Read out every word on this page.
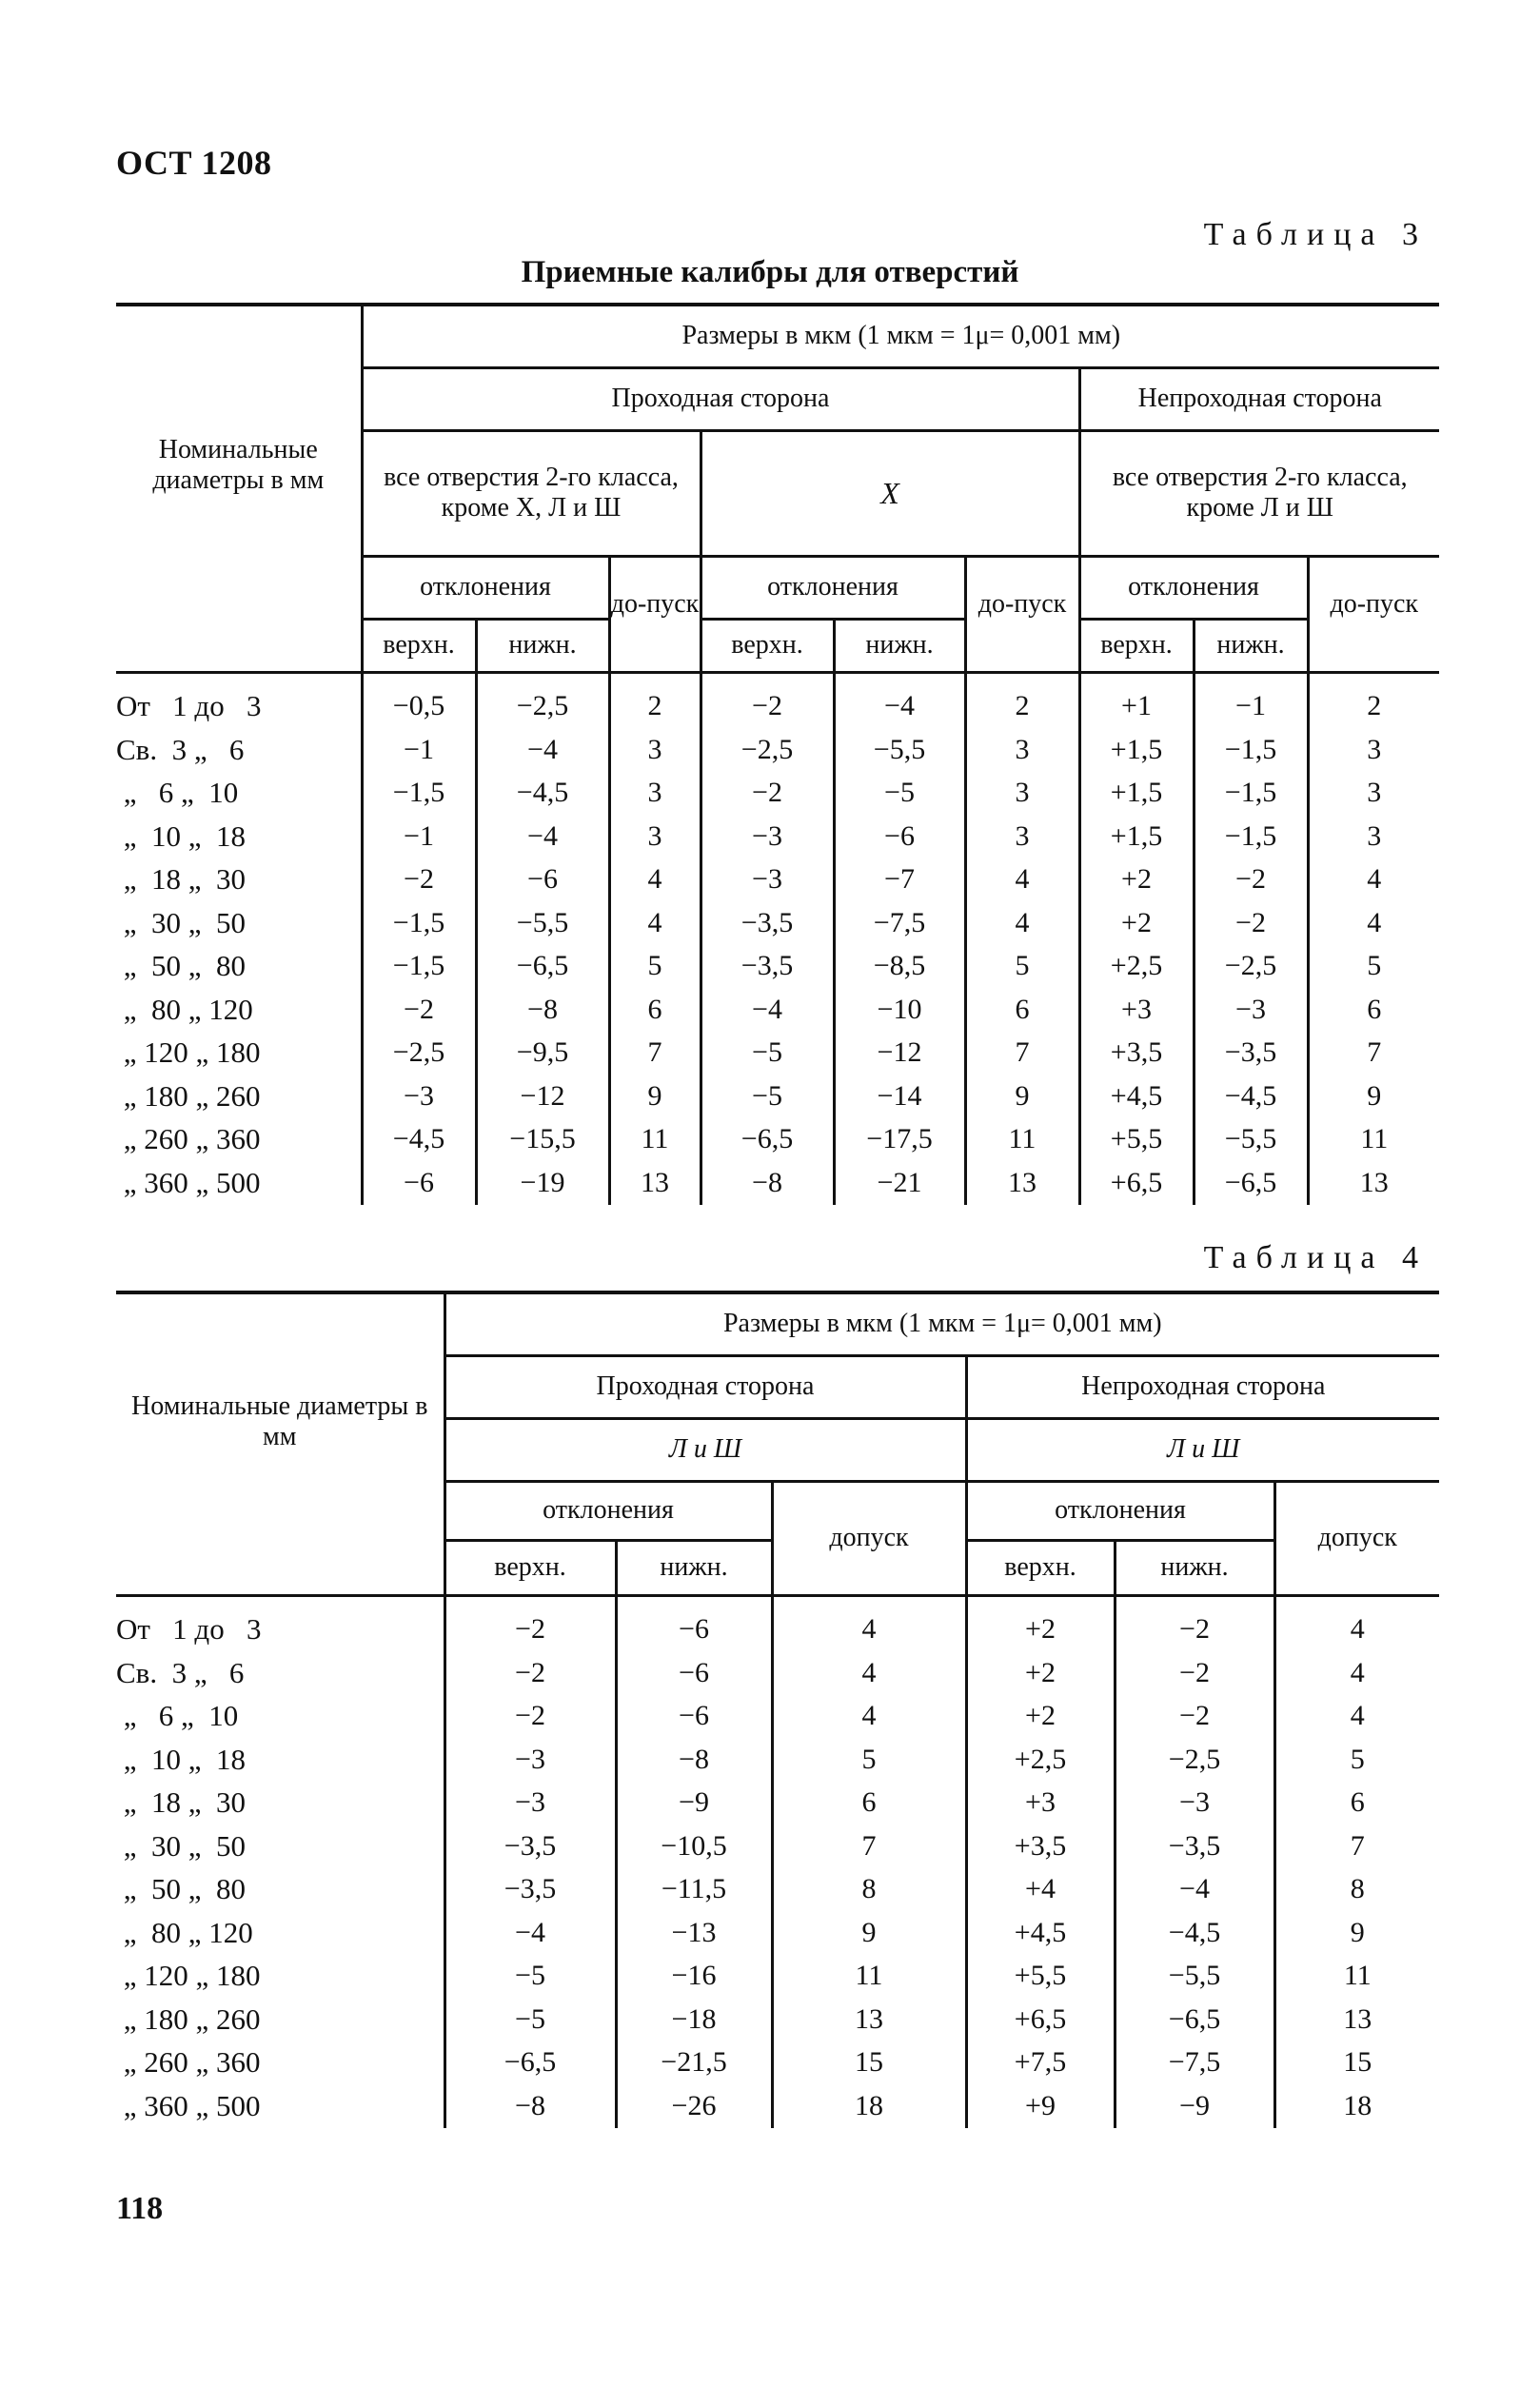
ОСТ 1208
Таблица 3
Приемные калибры для отверстий
Номинальные диаметры в мм	Размеры в мкм (1 мкм = 1μ= 0,001 мм)								
	Проходная сторона						Непроходная сторона		
	все отверстия 2-го класса, кроме X, Л и Ш			X			все отверстия 2-го класса, кроме Л и Ш		
	отклонения		до-пуск	отклонения		до-пуск	отклонения		до-пуск
	верхн.	нижн.		верхн.	нижн.		верхн.	нижн.	
От   1 до   3	−0,5	−2,5	2	−2	−4	2	+1	−1	2
Св.  3 „   6	−1	−4	3	−2,5	−5,5	3	+1,5	−1,5	3
„   6 „  10	−1,5	−4,5	3	−2	−5	3	+1,5	−1,5	3
„  10 „  18	−1	−4	3	−3	−6	3	+1,5	−1,5	3
„  18 „  30	−2	−6	4	−3	−7	4	+2	−2	4
„  30 „  50	−1,5	−5,5	4	−3,5	−7,5	4	+2	−2	4
„  50 „  80	−1,5	−6,5	5	−3,5	−8,5	5	+2,5	−2,5	5
„  80 „ 120	−2	−8	6	−4	−10	6	+3	−3	6
„ 120 „ 180	−2,5	−9,5	7	−5	−12	7	+3,5	−3,5	7
„ 180 „ 260	−3	−12	9	−5	−14	9	+4,5	−4,5	9
„ 260 „ 360	−4,5	−15,5	11	−6,5	−17,5	11	+5,5	−5,5	11
„ 360 „ 500	−6	−19	13	−8	−21	13	+6,5	−6,5	13
Таблица 4
Номинальные диаметры в мм	Размеры в мкм (1 мкм = 1μ= 0,001 мм)					
	Проходная сторона			Непроходная сторона		
	Л и Ш			Л и Ш		
	отклонения		допуск	отклонения		допуск
	верхн.	нижн.		верхн.	нижн.	
От   1 до   3	−2	−6	4	+2	−2	4
Св.  3 „   6	−2	−6	4	+2	−2	4
„   6 „  10	−2	−6	4	+2	−2	4
„  10 „  18	−3	−8	5	+2,5	−2,5	5
„  18 „  30	−3	−9	6	+3	−3	6
„  30 „  50	−3,5	−10,5	7	+3,5	−3,5	7
„  50 „  80	−3,5	−11,5	8	+4	−4	8
„  80 „ 120	−4	−13	9	+4,5	−4,5	9
„ 120 „ 180	−5	−16	11	+5,5	−5,5	11
„ 180 „ 260	−5	−18	13	+6,5	−6,5	13
„ 260 „ 360	−6,5	−21,5	15	+7,5	−7,5	15
„ 360 „ 500	−8	−26	18	+9	−9	18
118
